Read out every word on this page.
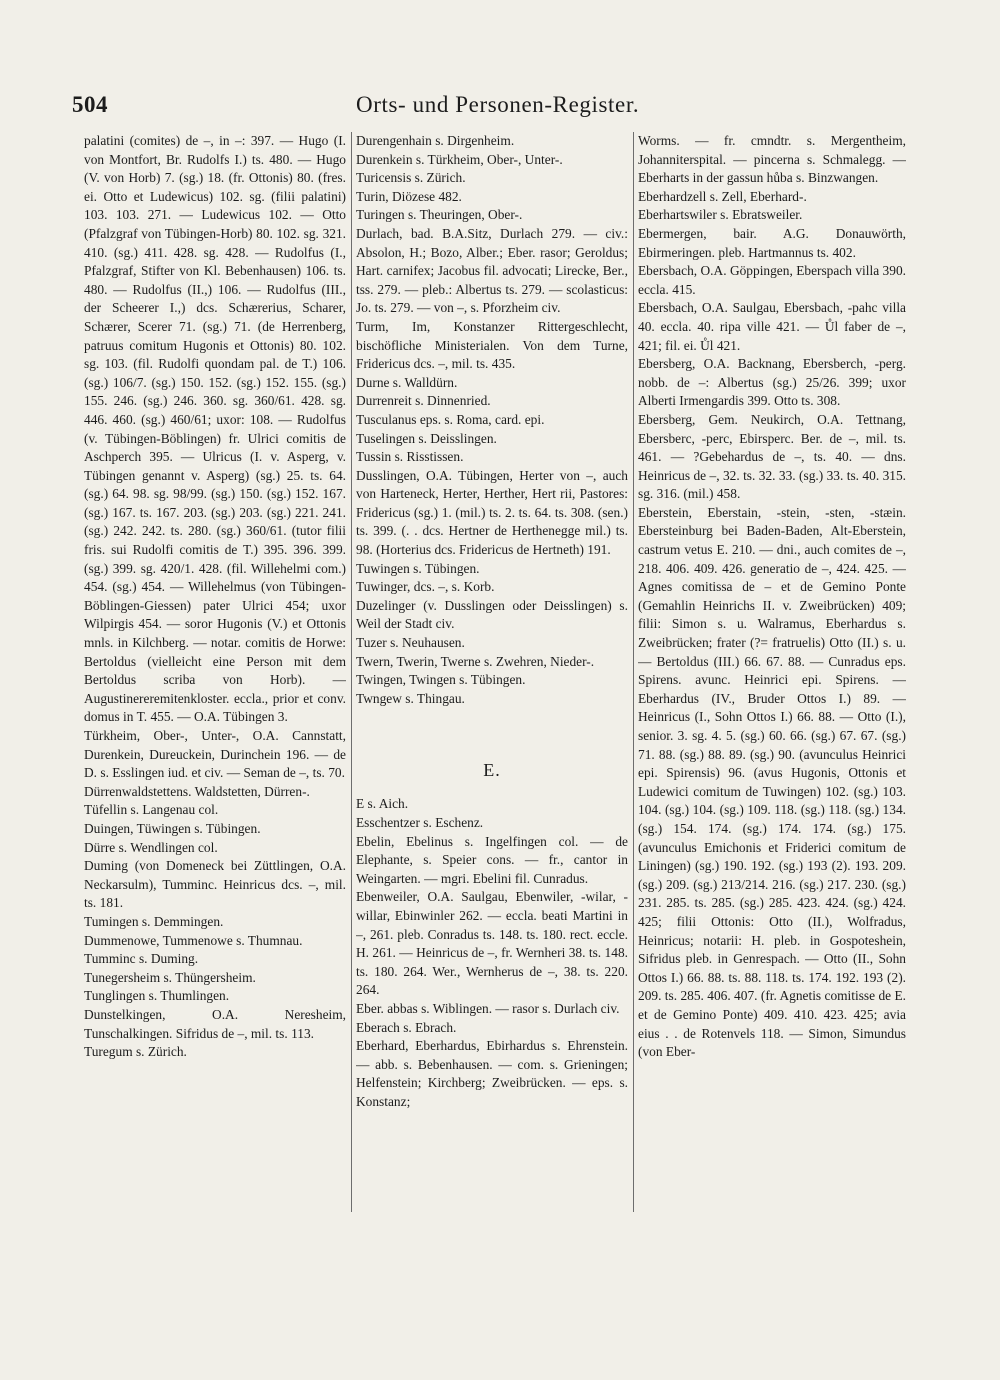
504	Orts- und Personen-Register.

palatini (comites) de –, in –: 397. — Hugo (I. von Montfort, Br. Rudolfs I.) ts. 480. — Hugo (V. von Horb) 7. (sg.) 18. (fr. Ottonis) 80. (fres. ei. Otto et Ludewicus) 102. sg. (filii palatini) 103. 103. 271. — Ludewicus 102. — Otto (Pfalzgraf von Tübingen-Horb) 80. 102. sg. 321. 410. (sg.) 411. 428. sg. 428. — Rudolfus (I., Pfalzgraf, Stifter von Kl. Bebenhausen) 106. ts. 480. — Rudolfus (II.,) 106. — Rudolfus (III., der Scheerer I.,) dcs. Schærerius, Scharer, Schærer, Scerer 71. (sg.) 71. (de Herrenberg, patruus comitum Hugonis et Ottonis) 80. 102. sg. 103. (fil. Rudolfi quondam pal. de T.) 106. (sg.) 106/7. (sg.) 150. 152. (sg.) 152. 155. (sg.) 155. 246. (sg.) 246. 360. sg. 360/61. 428. sg. 446. 460. (sg.) 460/61; uxor: 108. — Rudolfus (v. Tübingen-Böblingen) fr. Ulrici comitis de Aschperch 395. — Ulricus (I. v. Asperg, v. Tübingen genannt v. Asperg) (sg.) 25. ts. 64. (sg.) 64. 98. sg. 98/99. (sg.) 150. (sg.) 152. 167. (sg.) 167. ts. 167. 203. (sg.) 203. (sg.) 221. 241. (sg.) 242. 242. ts. 280. (sg.) 360/61. (tutor filii fris. sui Rudolfi comitis de T.) 395. 396. 399. (sg.) 399. sg. 420/1. 428. (fil. Willehelmi com.) 454. (sg.) 454. — Willehelmus (von Tübingen-Böblingen-Giessen) pater Ulrici 454; uxor Wilpirgis 454. — soror Hugonis (V.) et Ottonis mnls. in Kilchberg. — notar. comitis de Horwe: Bertoldus (vielleicht eine Person mit dem Bertoldus scriba von Horb). — Augustinereremitenkloster. eccla., prior et conv. domus in T. 455. — O.A. Tübingen 3.

Türkheim, Ober-, Unter-, O.A. Cannstatt, Durenkein, Dureuckein, Durinchein 196. — de D. s. Esslingen iud. et civ. — Seman de –, ts. 70.

Dürrenwaldstettens. Waldstetten, Dürren-.

Tüfellin s. Langenau col.

Duingen, Tüwingen s. Tübingen.

Dürre s. Wendlingen col.

Duming (von Domeneck bei Züttlingen, O.A. Neckarsulm), Tumminc. Heinricus dcs. –, mil. ts. 181.

Tumingen s. Demmingen.

Dummenowe, Tummenowe s. Thumnau.

Tumminc s. Duming.

Tunegersheim s. Thüngersheim.

Tunglingen s. Thumlingen.

Dunstelkingen, O.A. Neresheim, Tunschalkingen. Sifridus de –, mil. ts. 113.

Turegum s. Zürich.

Durengenhain s. Dirgenheim.

Durenkein s. Türkheim, Ober-, Unter-.

Turicensis s. Zürich.

Turin, Diözese 482.

Turingen s. Theuringen, Ober-.

Durlach, bad. B.A.Sitz, Durlach 279. — civ.: Absolon, H.; Bozo, Alber.; Eber. rasor; Geroldus; Hart. carnifex; Jacobus fil. advocati; Lirecke, Ber., tss. 279. — pleb.: Albertus ts. 279. — scolasticus: Jo. ts. 279. — von –, s. Pforzheim civ.

Turm, Im, Konstanzer Rittergeschlecht, bischöfliche Ministerialen. Von dem Turne, Fridericus dcs. –, mil. ts. 435.

Durne s. Walldürn.

Durrenreit s. Dinnenried.

Tusculanus eps. s. Roma, card. epi.

Tuselingen s. Deisslingen.

Tussin s. Risstissen.

Dusslingen, O.A. Tübingen, Herter von –, auch von Harteneck, Herter, Herther, Hert rii, Pastores: Fridericus (sg.) 1. (mil.) ts. 2. ts. 64. ts. 308. (sen.) ts. 399. (. . dcs. Hertner de Herthenegge mil.) ts. 98. (Horterius dcs. Fridericus de Hertneth) 191.

Tuwingen s. Tübingen.

Tuwinger, dcs. –, s. Korb.

Duzelinger (v. Dusslingen oder Deisslingen) s. Weil der Stadt civ.

Tuzer s. Neuhausen.

Twern, Twerin, Twerne s. Zwehren, Nieder-.

Twingen, Twingen s. Tübingen.

Twngew s. Thingau.

E.

E s. Aich.

Esschentzer s. Eschenz.

Ebelin, Ebelinus s. Ingelfingen col. — de Elephante, s. Speier cons. — fr., cantor in Weingarten. — mgri. Ebelini fil. Cunradus.

Ebenweiler, O.A. Saulgau, Ebenwiler, -wilar, -willar, Ebinwinler 262. — eccla. beati Martini in –, 261. pleb. Conradus ts. 148. ts. 180. rect. eccle. H. 261. — Heinricus de –, fr. Wernheri 38. ts. 148. ts. 180. 264. Wer., Wernherus de –, 38. ts. 220. 264.

Eber. abbas s. Wiblingen. — rasor s. Durlach civ.

Eberach s. Ebrach.

Eberhard, Eberhardus, Ebirhardus s. Ehrenstein. — abb. s. Bebenhausen. — com. s. Grieningen; Helfenstein; Kirchberg; Zweibrücken. — eps. s. Konstanz;

Worms. — fr. cmndtr. s. Mergentheim, Johanniterspital. — pincerna s. Schmalegg. — Eberharts in der gassun hůba s. Binzwangen.

Eberhardzell s. Zell, Eberhard-.

Eberhartswiler s. Ebratsweiler.

Ebermergen, bair. A.G. Donauwörth, Ebirmeringen. pleb. Hartmannus ts. 402.

Ebersbach, O.A. Göppingen, Eberspach villa 390. eccla. 415.

Ebersbach, O.A. Saulgau, Ebersbach, -pahc villa 40. eccla. 40. ripa ville 421. — Ůl faber de –, 421; fil. ei. Ůl 421.

Ebersberg, O.A. Backnang, Ebersberch, -perg. nobb. de –: Albertus (sg.) 25/26. 399; uxor Alberti Irmengardis 399. Otto ts. 308.

Ebersberg, Gem. Neukirch, O.A. Tettnang, Ebersberc, -perc, Ebirsperc. Ber. de –, mil. ts. 461. — ?Gebehardus de –, ts. 40. — dns. Heinricus de –, 32. ts. 32. 33. (sg.) 33. ts. 40. 315. sg. 316. (mil.) 458.

Eberstein, Eberstain, -stein, -sten, -stæin. Ebersteinburg bei Baden-Baden, Alt-Eberstein, castrum vetus E. 210. — dni., auch comites de –, 218. 406. 409. 426. generatio de –, 424. 425. — Agnes comitissa de – et de Gemino Ponte (Gemahlin Heinrichs II. v. Zweibrücken) 409; filii: Simon s. u. Walramus, Eberhardus s. Zweibrücken; frater (?= fratruelis) Otto (II.) s. u. — Bertoldus (III.) 66. 67. 88. — Cunradus eps. Spirens. avunc. Heinrici epi. Spirens. — Eberhardus (IV., Bruder Ottos I.) 89. — Heinricus (I., Sohn Ottos I.) 66. 88. — Otto (I.), senior. 3. sg. 4. 5. (sg.) 60. 66. (sg.) 67. 67. (sg.) 71. 88. (sg.) 88. 89. (sg.) 90. (avunculus Heinrici epi. Spirensis) 96. (avus Hugonis, Ottonis et Ludewici comitum de Tuwingen) 102. (sg.) 103. 104. (sg.) 104. (sg.) 109. 118. (sg.) 118. (sg.) 134. (sg.) 154. 174. (sg.) 174. 174. (sg.) 175. (avunculus Emichonis et Friderici comitum de Liningen) (sg.) 190. 192. (sg.) 193 (2). 193. 209. (sg.) 209. (sg.) 213/214. 216. (sg.) 217. 230. (sg.) 231. 285. ts. 285. (sg.) 285. 423. 424. (sg.) 424. 425; filii Ottonis: Otto (II.), Wolfradus, Heinricus; notarii: H. pleb. in Gospoteshein, Sifridus pleb. in Genrespach. — Otto (II., Sohn Ottos I.) 66. 88. ts. 88. 118. ts. 174. 192. 193 (2). 209. ts. 285. 406. 407. (fr. Agnetis comitisse de E. et de Gemino Ponte) 409. 410. 423. 425; avia eius . . de Rotenvels 118. — Simon, Simundus (von Eber-
